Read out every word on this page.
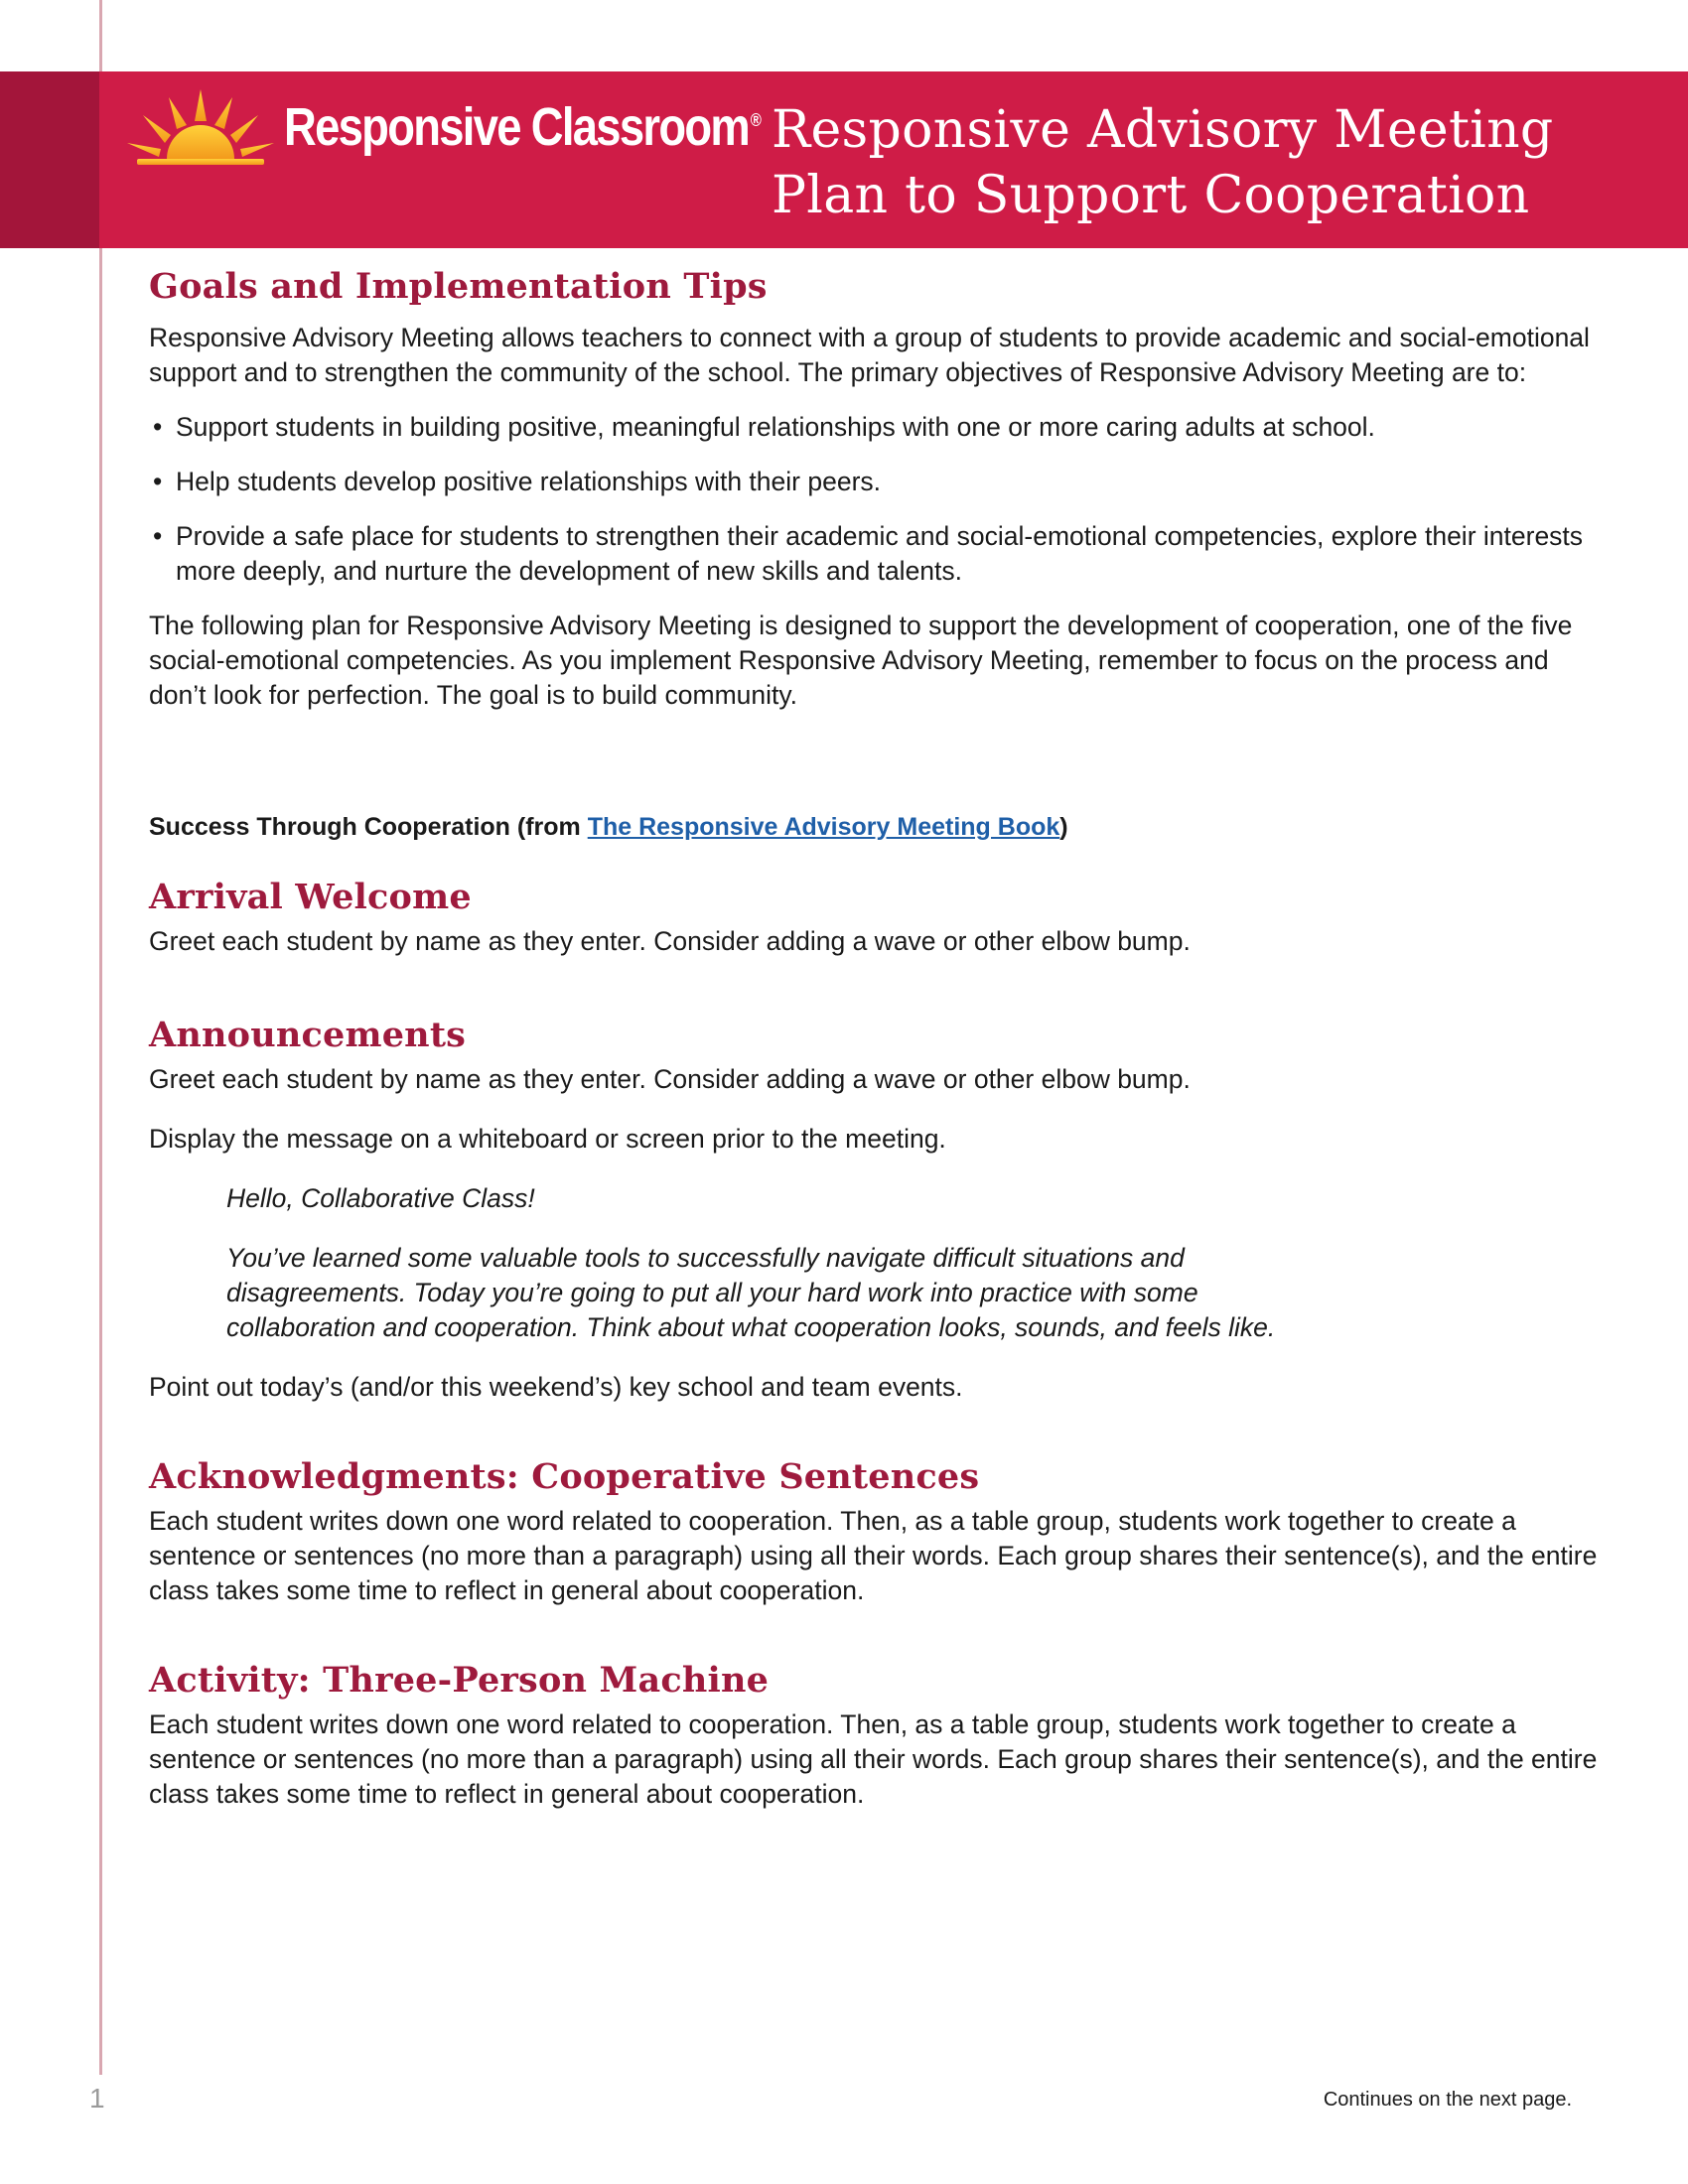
Responsive Classroom® Responsive Advisory Meeting
Plan to Support Cooperation
Goals and Implementation Tips

Responsive Advisory Meeting allows teachers to connect with a group of students to provide academic and social-emotional support and to strengthen the community of the school. The primary objectives of Responsive Advisory Meeting are to:

• Support students in building positive, meaningful relationships with one or more caring adults at school.
• Help students develop positive relationships with their peers.
• Provide a safe place for students to strengthen their academic and social-emotional competencies, explore their interests more deeply, and nurture the development of new skills and talents.

The following plan for Responsive Advisory Meeting is designed to support the development of cooperation, one of the five social-emotional competencies. As you implement Responsive Advisory Meeting, remember to focus on the process and don’t look for perfection. The goal is to build community.

Success Through Cooperation (from The Responsive Advisory Meeting Book)

Arrival Welcome

Greet each student by name as they enter. Consider adding a wave or other elbow bump.

Announcements

Greet each student by name as they enter. Consider adding a wave or other elbow bump.

Display the message on a whiteboard or screen prior to the meeting.

Hello, Collaborative Class!

You’ve learned some valuable tools to successfully navigate difficult situations and disagreements. Today you’re going to put all your hard work into practice with some collaboration and cooperation. Think about what cooperation looks, sounds, and feels like.

Point out today’s (and/or this weekend’s) key school and team events.

Acknowledgments: Cooperative Sentences

Each student writes down one word related to cooperation. Then, as a table group, students work together to create a sentence or sentences (no more than a paragraph) using all their words. Each group shares their sentence(s), and the entire class takes some time to reflect in general about cooperation.

Activity: Three-Person Machine

Each student writes down one word related to cooperation. Then, as a table group, students work together to create a sentence or sentences (no more than a paragraph) using all their words. Each group shares their sentence(s), and the entire class takes some time to reflect in general about cooperation.

1	Continues on the next page.
